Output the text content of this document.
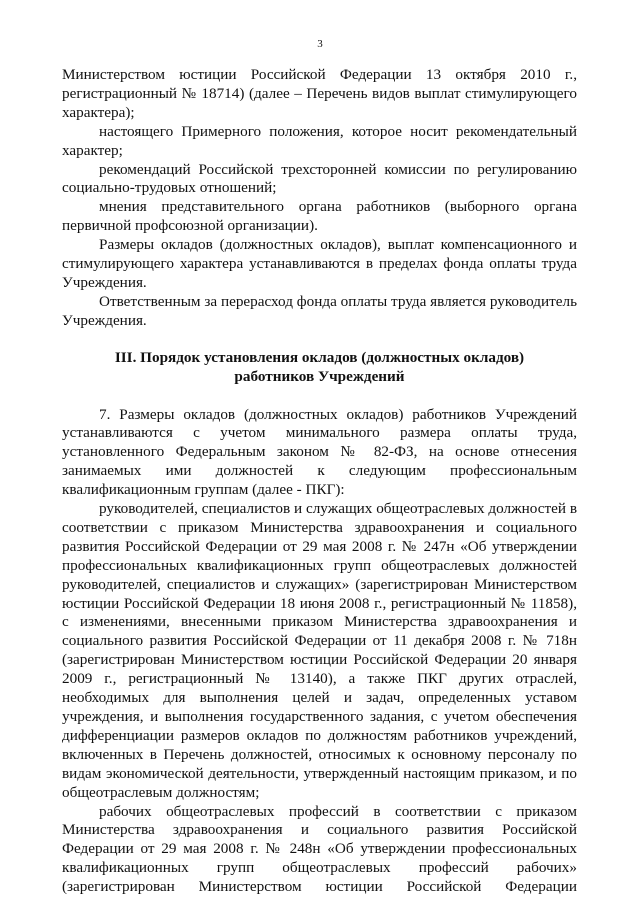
3

Министерством юстиции Российской Федерации 13 октября 2010 г., регистрационный № 18714) (далее – Перечень видов выплат стимулирующего характера);

настоящего Примерного положения, которое носит рекомендательный характер;

рекомендаций Российской трехсторонней комиссии по регулированию социально-трудовых отношений;

мнения представительного органа работников (выборного органа первичной профсоюзной организации).

Размеры окладов (должностных окладов), выплат компенсационного и стимулирующего характера устанавливаются в пределах фонда оплаты труда Учреждения.

Ответственным за перерасход фонда оплаты труда является руководитель Учреждения.

III. Порядок установления окладов (должностных окладов)
работников Учреждений

7. Размеры окладов (должностных окладов) работников Учреждений устанавливаются с учетом минимального размера оплаты труда, установленного Федеральным законом № 82-ФЗ, на основе отнесения занимаемых ими должностей к следующим профессиональным квалификационным группам (далее - ПКГ):

руководителей, специалистов и служащих общеотраслевых должностей в соответствии с приказом Министерства здравоохранения и социального развития Российской Федерации от 29 мая 2008 г. № 247н «Об утверждении профессиональных квалификационных групп общеотраслевых должностей руководителей, специалистов и служащих» (зарегистрирован Министерством юстиции Российской Федерации 18 июня 2008 г., регистрационный № 11858), с изменениями, внесенными приказом Министерства здравоохранения и социального развития Российской Федерации от 11 декабря 2008 г. № 718н (зарегистрирован Министерством юстиции Российской Федерации 20 января 2009 г., регистрационный № 13140), а также ПКГ других отраслей, необходимых для выполнения целей и задач, определенных уставом учреждения, и выполнения государственного задания, с учетом обеспечения дифференциации размеров окладов по должностям работников учреждений, включенных в Перечень должностей, относимых к основному персоналу по видам экономической деятельности, утвержденный настоящим приказом, и по общеотраслевым должностям;

рабочих общеотраслевых профессий в соответствии с приказом Министерства здравоохранения и социального развития Российской Федерации от 29 мая 2008 г. № 248н «Об утверждении профессиональных квалификационных групп общеотраслевых профессий рабочих» (зарегистрирован Министерством юстиции Российской Федерации
